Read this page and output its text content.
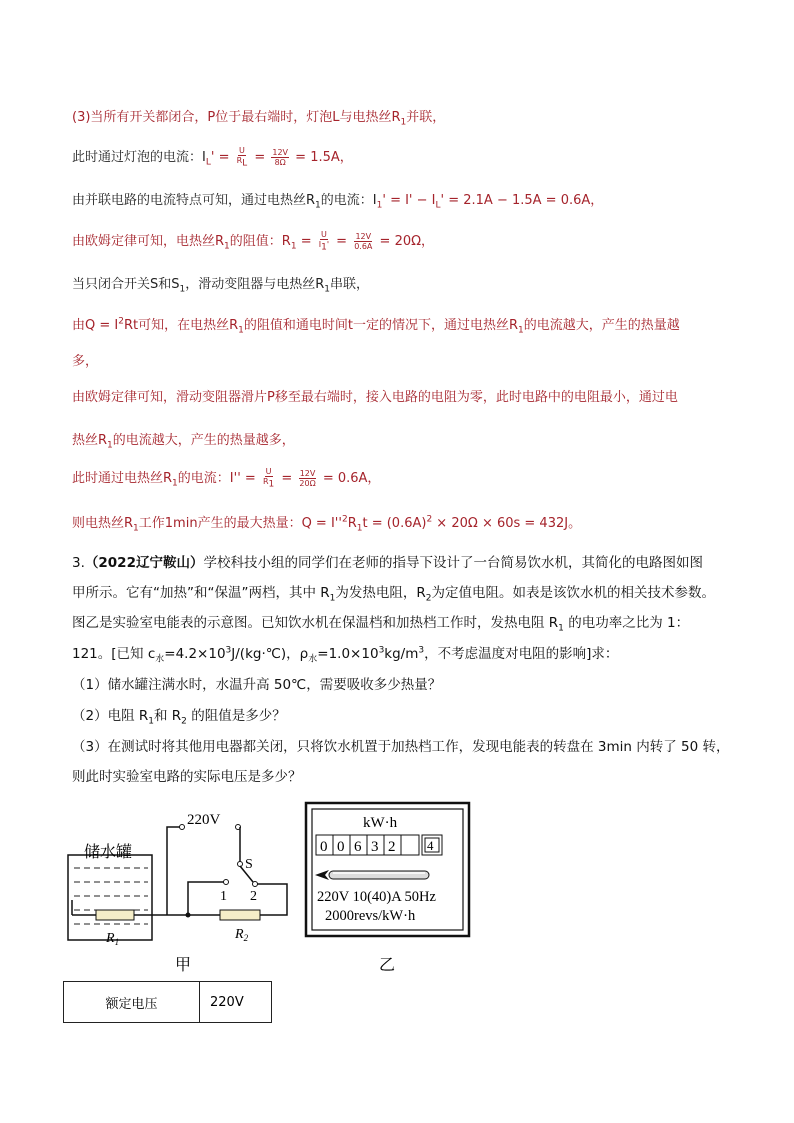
(3)当所有开关都闭合，P位于最右端时，灯泡L与电热丝$R_1$并联，
此时通过灯泡的电流：$I_L' = \frac{U}{R_L} = \frac{12V}{8\Omega} = 1.5A$，
由并联电路的电流特点可知，通过电热丝$R_1$的电流：$I_1' = I' - I_L' = 2.1A - 1.5A = 0.6A$，
由欧姆定律可知，电热丝$R_1$的阻值：$R_1 = \frac{U}{I_1'} = \frac{12V}{0.6A} = 20\Omega$，
当只闭合开关S和$S_1$，滑动变阻器与电热丝$R_1$串联，
由$Q = I^2Rt$可知，在电热丝$R_1$的阻值和通电时间t一定的情况下，通过电热丝$R_1$的电流越大，产生的热量越
多，
由欧姆定律可知，滑动变阻器滑片P移至最右端时，接入电路的电阻为零，此时电路中的电阻最小，通过电
热丝$R_1$的电流越大，产生的热量越多，
此时通过电热丝$R_1$的电流：$I'' = \frac{U}{R_1} = \frac{12V}{20\Omega} = 0.6A$，
则电热丝$R_1$工作1min产生的最大热量：$Q = I''^2R_1t = (0.6A)^2 \times 20\Omega \times 60s = 432J$。
3.（2022辽宁鞍山）学校科技小组的同学们在老师的指导下设计了一台简易饮水机，其简化的电路图如图
甲所示。它有“加热”和“保温”两档，其中 $R_1$为发热电阻，$R_2$为定值电阻。如表是该饮水机的相关技术参数。
图乙是实验室电能表的示意图。已知饮水机在保温档和加热档工作时，发热电阻 $R_1$ 的电功率之比为 1：
121。[已知 $c_水=4.2\times 10^3J/(kg\cdot℃)$，$\rho_水=1.0\times 10^3kg/m^3$，不考虑温度对电阻的影响]求：
（1）储水罐注满水时，水温升高 50℃，需要吸收多少热量？
（2）电阻 $R_1$和 $R_2$ 的阻值是多少？
（3）在测试时将其他用电器都关闭，只将饮水机置于加热档工作，发现电能表的转盘在 3min 内转了 50 转，
则此时实验室电路的实际电压是多少？
储水罐
220V
S
1 2
$R_1$	$R_2$
甲
kW·h
0 0 6 3 2 4
220V 10(40)A 50Hz
2000revs/kW·h
乙
额定电压	220V
